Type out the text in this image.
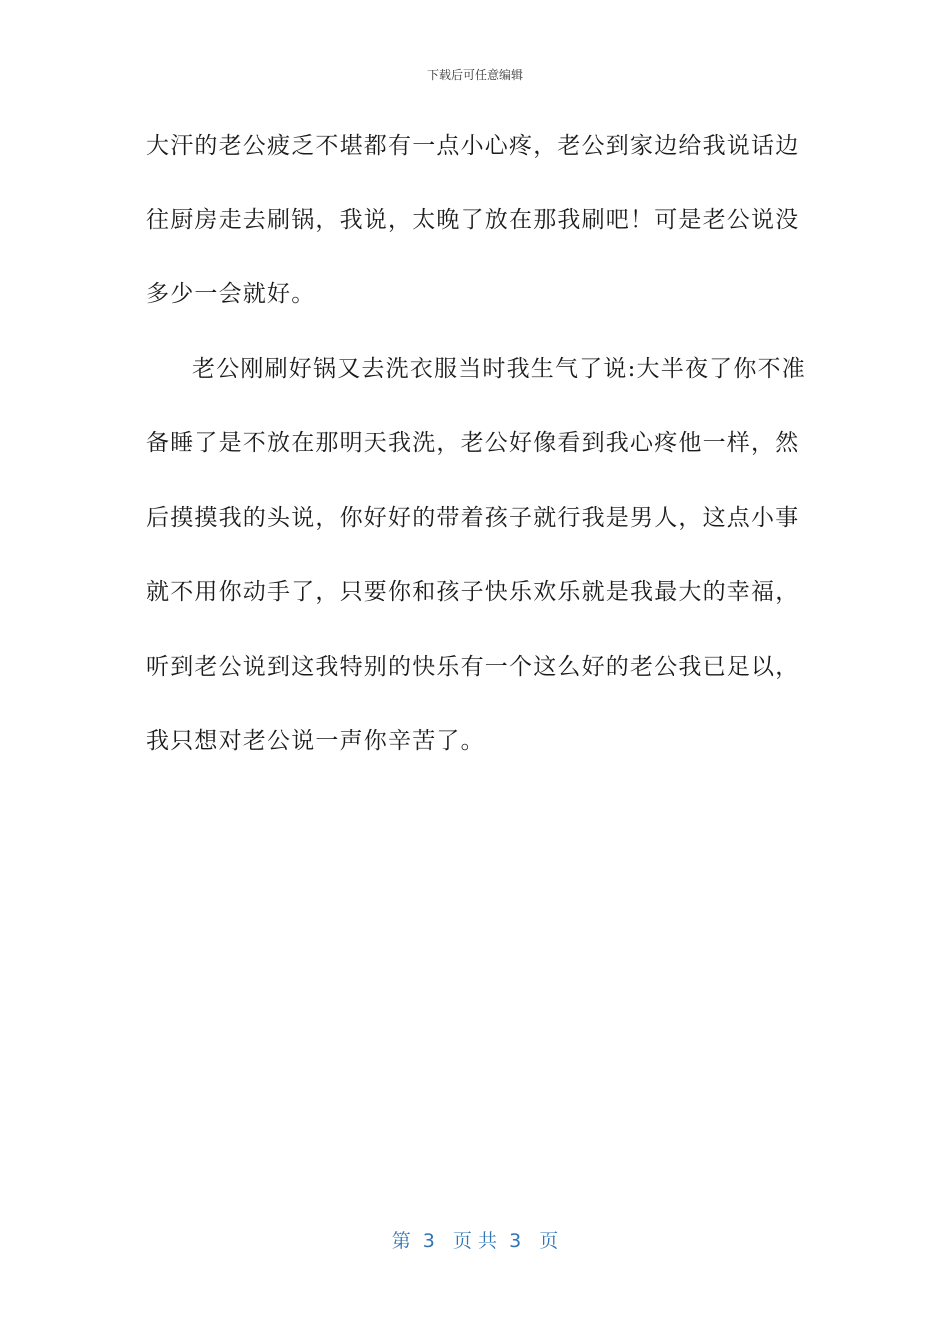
下载后可任意编辑
大汗的老公疲乏不堪都有一点小心疼，老公到家边给我说话边
往厨房走去刷锅，我说，太晚了放在那我刷吧！可是老公说没
多少一会就好。
老公刚刷好锅又去洗衣服当时我生气了说:大半夜了你不准
备睡了是不放在那明天我洗，老公好像看到我心疼他一样，然
后摸摸我的头说，你好好的带着孩子就行我是男人，这点小事
就不用你动手了，只要你和孩子快乐欢乐就是我最大的幸福，
听到老公说到这我特别的快乐有一个这么好的老公我已足以，
我只想对老公说一声你辛苦了。
第  3   页 共  3   页
